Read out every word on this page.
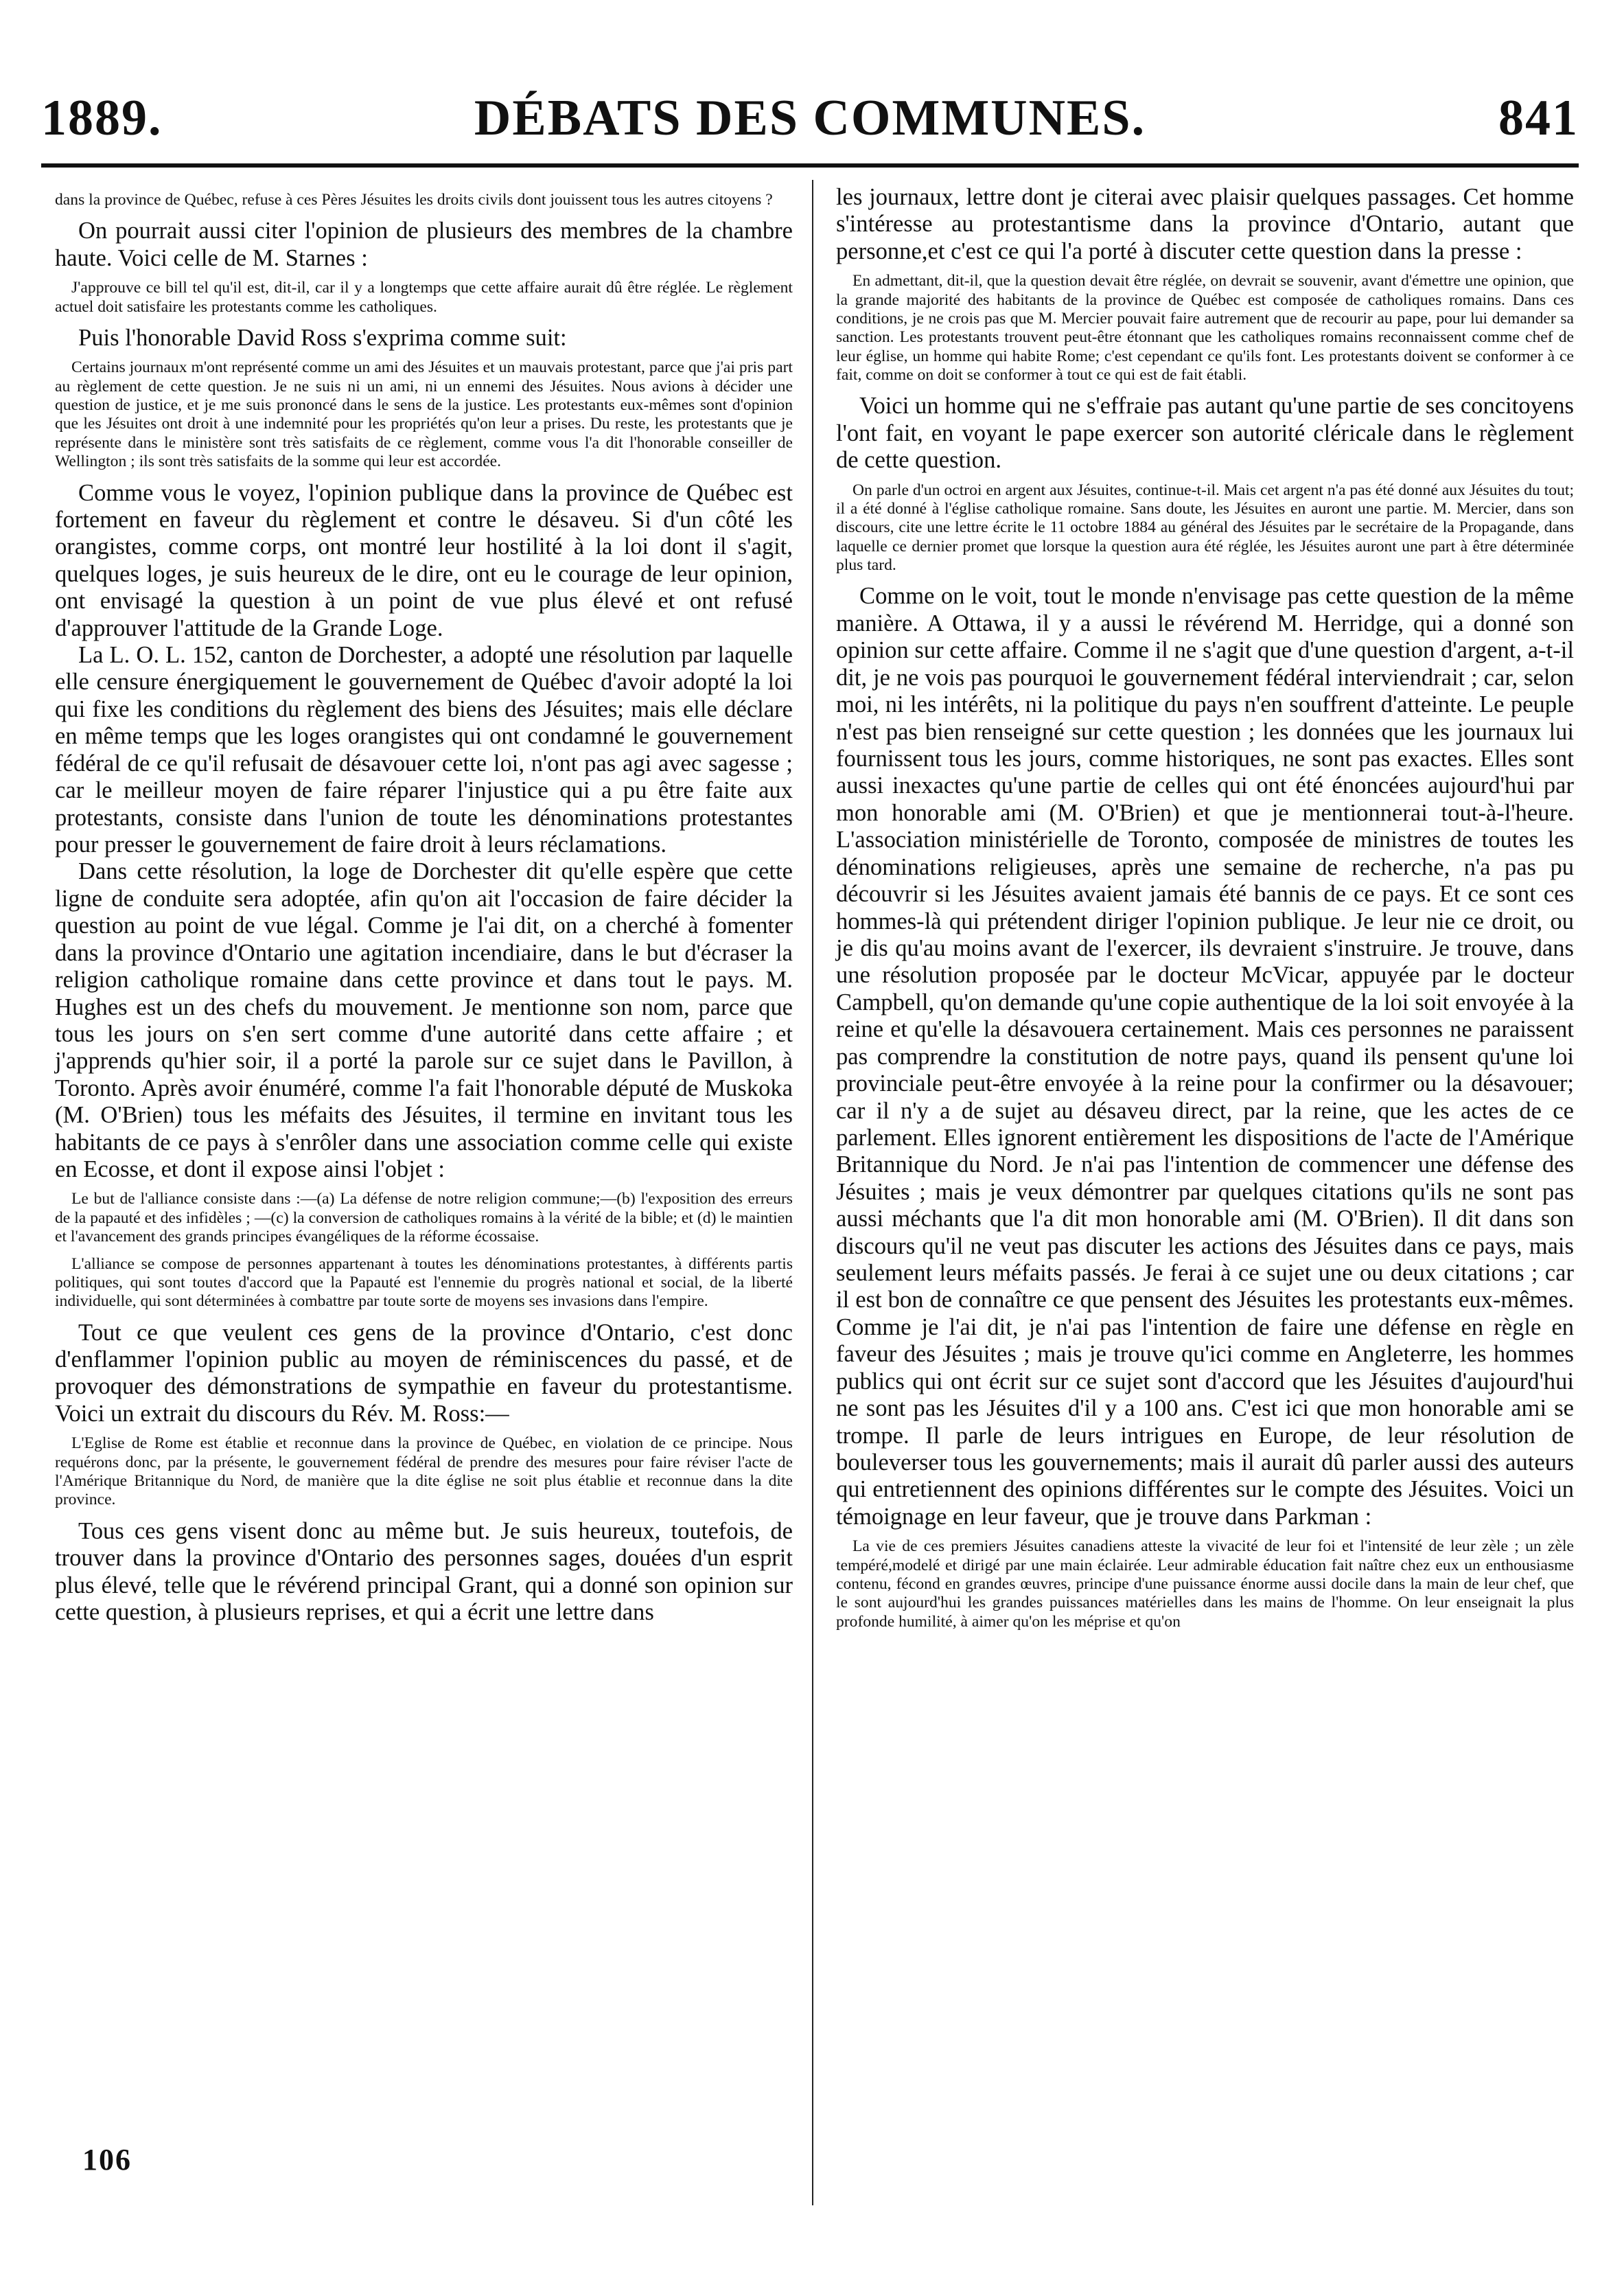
1889.	DÉBATS DES COMMUNES.	841

dans la province de Québec, refuse à ces Pères Jésuites les droits civils dont jouissent tous les autres citoyens ?

On pourrait aussi citer l'opinion de plusieurs des membres de la chambre haute. Voici celle de M. Starnes :

J'approuve ce bill tel qu'il est, dit-il, car il y a longtemps que cette affaire aurait dû être réglée. Le règlement actuel doit satisfaire les protestants comme les catholiques.

Puis l'honorable David Ross s'exprima comme suit:

Certains journaux m'ont représenté comme un ami des Jésuites et un mauvais protestant, parce que j'ai pris part au règlement de cette question. Je ne suis ni un ami, ni un ennemi des Jésuites. Nous avions à décider une question de justice, et je me suis prononcé dans le sens de la justice. Les protestants eux-mêmes sont d'opinion que les Jésuites ont droit à une indemnité pour les propriétés qu'on leur a prises. Du reste, les protestants que je représente dans le ministère sont très satisfaits de ce règlement, comme vous l'a dit l'honorable conseiller de Wellington ; ils sont très satisfaits de la somme qui leur est accordée.

Comme vous le voyez, l'opinion publique dans la province de Québec est fortement en faveur du règlement et contre le désaveu. Si d'un côté les orangistes, comme corps, ont montré leur hostilité à la loi dont il s'agit, quelques loges, je suis heureux de le dire, ont eu le courage de leur opinion, ont envisagé la question à un point de vue plus élevé et ont refusé d'approuver l'attitude de la Grande Loge.

La L. O. L. 152, canton de Dorchester, a adopté une résolution par laquelle elle censure énergiquement le gouvernement de Québec d'avoir adopté la loi qui fixe les conditions du règlement des biens des Jésuites; mais elle déclare en même temps que les loges orangistes qui ont condamné le gouvernement fédéral de ce qu'il refusait de désavouer cette loi, n'ont pas agi avec sagesse ; car le meilleur moyen de faire réparer l'injustice qui a pu être faite aux protestants, consiste dans l'union de toute les dénominations protestantes pour presser le gouvernement de faire droit à leurs réclamations.

Dans cette résolution, la loge de Dorchester dit qu'elle espère que cette ligne de conduite sera adoptée, afin qu'on ait l'occasion de faire décider la question au point de vue légal. Comme je l'ai dit, on a cherché à fomenter dans la province d'Ontario une agitation incendiaire, dans le but d'écraser la religion catholique romaine dans cette province et dans tout le pays. M. Hughes est un des chefs du mouvement. Je mentionne son nom, parce que tous les jours on s'en sert comme d'une autorité dans cette affaire ; et j'apprends qu'hier soir, il a porté la parole sur ce sujet dans le Pavillon, à Toronto. Après avoir énuméré, comme l'a fait l'honorable député de Muskoka (M. O'Brien) tous les méfaits des Jésuites, il termine en invitant tous les habitants de ce pays à s'enrôler dans une association comme celle qui existe en Ecosse, et dont il expose ainsi l'objet :

Le but de l'alliance consiste dans :—(a) La défense de notre religion commune;—(b) l'exposition des erreurs de la papauté et des infidèles ; —(c) la conversion de catholiques romains à la vérité de la bible; et (d) le maintien et l'avancement des grands principes évangéliques de la réforme écossaise.

L'alliance se compose de personnes appartenant à toutes les dénominations protestantes, à différents partis politiques, qui sont toutes d'accord que la Papauté est l'ennemie du progrès national et social, de la liberté individuelle, qui sont déterminées à combattre par toute sorte de moyens ses invasions dans l'empire.

Tout ce que veulent ces gens de la province d'Ontario, c'est donc d'enflammer l'opinion public au moyen de réminiscences du passé, et de provoquer des démonstrations de sympathie en faveur du protestantisme. Voici un extrait du discours du Rév. M. Ross:—

L'Eglise de Rome est établie et reconnue dans la province de Québec, en violation de ce principe. Nous requérons donc, par la présente, le gouvernement fédéral de prendre des mesures pour faire réviser l'acte de l'Amérique Britannique du Nord, de manière que la dite église ne soit plus établie et reconnue dans la dite province.

Tous ces gens visent donc au même but. Je suis heureux, toutefois, de trouver dans la province d'Ontario des personnes sages, douées d'un esprit plus élevé, telle que le révérend principal Grant, qui a donné son opinion sur cette question, à plusieurs reprises, et qui a écrit une lettre dans

les journaux, lettre dont je citerai avec plaisir quelques passages. Cet homme s'intéresse au protestantisme dans la province d'Ontario, autant que personne,et c'est ce qui l'a porté à discuter cette question dans la presse :

En admettant, dit-il, que la question devait être réglée, on devrait se souvenir, avant d'émettre une opinion, que la grande majorité des habitants de la province de Québec est composée de catholiques romains. Dans ces conditions, je ne crois pas que M. Mercier pouvait faire autrement que de recourir au pape, pour lui demander sa sanction. Les protestants trouvent peut-être étonnant que les catholiques romains reconnaissent comme chef de leur église, un homme qui habite Rome; c'est cependant ce qu'ils font. Les protestants doivent se conformer à ce fait, comme on doit se conformer à tout ce qui est de fait établi.

Voici un homme qui ne s'effraie pas autant qu'une partie de ses concitoyens l'ont fait, en voyant le pape exercer son autorité cléricale dans le règlement de cette question.

On parle d'un octroi en argent aux Jésuites, continue-t-il. Mais cet argent n'a pas été donné aux Jésuites du tout; il a été donné à l'église catholique romaine. Sans doute, les Jésuites en auront une partie. M. Mercier, dans son discours, cite une lettre écrite le 11 octobre 1884 au général des Jésuites par le secrétaire de la Propagande, dans laquelle ce dernier promet que lorsque la question aura été réglée, les Jésuites auront une part à être déterminée plus tard.

Comme on le voit, tout le monde n'envisage pas cette question de la même manière. A Ottawa, il y a aussi le révérend M. Herridge, qui a donné son opinion sur cette affaire. Comme il ne s'agit que d'une question d'argent, a-t-il dit, je ne vois pas pourquoi le gouvernement fédéral interviendrait ; car, selon moi, ni les intérêts, ni la politique du pays n'en souffrent d'atteinte. Le peuple n'est pas bien renseigné sur cette question ; les données que les journaux lui fournissent tous les jours, comme historiques, ne sont pas exactes. Elles sont aussi inexactes qu'une partie de celles qui ont été énoncées aujourd'hui par mon honorable ami (M. O'Brien) et que je mentionnerai tout-à-l'heure. L'association ministérielle de Toronto, composée de ministres de toutes les dénominations religieuses, après une semaine de recherche, n'a pas pu découvrir si les Jésuites avaient jamais été bannis de ce pays. Et ce sont ces hommes-là qui prétendent diriger l'opinion publique. Je leur nie ce droit, ou je dis qu'au moins avant de l'exercer, ils devraient s'instruire. Je trouve, dans une résolution proposée par le docteur McVicar, appuyée par le docteur Campbell, qu'on demande qu'une copie authentique de la loi soit envoyée à la reine et qu'elle la désavouera certainement. Mais ces personnes ne paraissent pas comprendre la constitution de notre pays, quand ils pensent qu'une loi provinciale peut-être envoyée à la reine pour la confirmer ou la désavouer; car il n'y a de sujet au désaveu direct, par la reine, que les actes de ce parlement. Elles ignorent entièrement les dispositions de l'acte de l'Amérique Britannique du Nord. Je n'ai pas l'intention de commencer une défense des Jésuites ; mais je veux démontrer par quelques citations qu'ils ne sont pas aussi méchants que l'a dit mon honorable ami (M. O'Brien). Il dit dans son discours qu'il ne veut pas discuter les actions des Jésuites dans ce pays, mais seulement leurs méfaits passés. Je ferai à ce sujet une ou deux citations ; car il est bon de connaître ce que pensent des Jésuites les protestants eux-mêmes. Comme je l'ai dit, je n'ai pas l'intention de faire une défense en règle en faveur des Jésuites ; mais je trouve qu'ici comme en Angleterre, les hommes publics qui ont écrit sur ce sujet sont d'accord que les Jésuites d'aujourd'hui ne sont pas les Jésuites d'il y a 100 ans. C'est ici que mon honorable ami se trompe. Il parle de leurs intrigues en Europe, de leur résolution de bouleverser tous les gouvernements; mais il aurait dû parler aussi des auteurs qui entretiennent des opinions différentes sur le compte des Jésuites. Voici un témoignage en leur faveur, que je trouve dans Parkman :

La vie de ces premiers Jésuites canadiens atteste la vivacité de leur foi et l'intensité de leur zèle ; un zèle tempéré,modelé et dirigé par une main éclairée. Leur admirable éducation fait naître chez eux un enthousiasme contenu, fécond en grandes œuvres, principe d'une puissance énorme aussi docile dans la main de leur chef, que le sont aujourd'hui les grandes puissances matérielles dans les mains de l'homme. On leur enseignait la plus profonde humilité, à aimer qu'on les méprise et qu'on

106
